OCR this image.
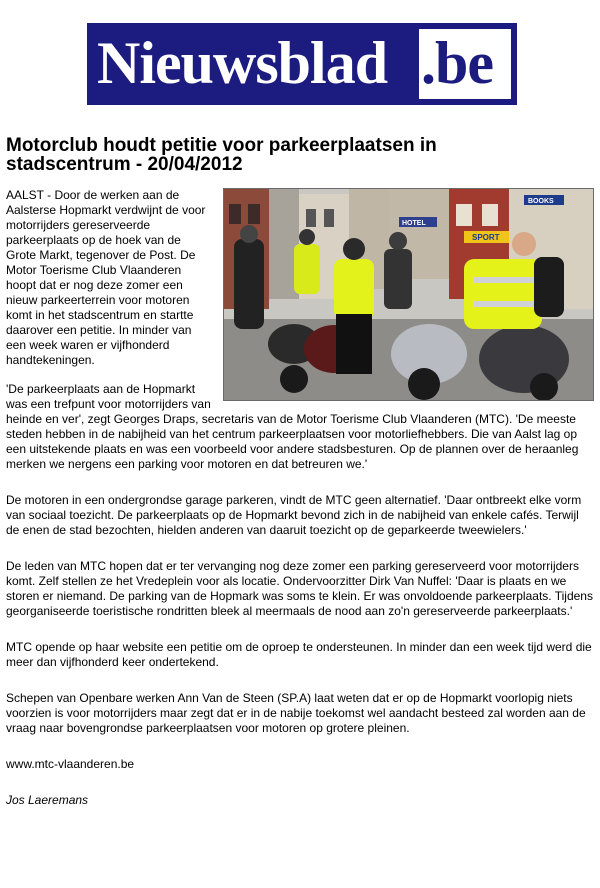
Nieuwsblad .be
Motorclub houdt petitie voor parkeerplaatsen in stadscentrum - 20/04/2012
SPORT
BOOKS
HOTEL

AALST - Door de werken aan de Aalsterse Hopmarkt verdwijnt de voor motorrijders gereserveerde parkeerplaats op de hoek van de Grote Markt, tegenover de Post. De Motor Toerisme Club Vlaanderen hoopt dat er nog deze zomer een nieuw parkeerterrein voor motoren komt in het stadscentrum en startte daarover een petitie. In minder van een week waren er vijfhonderd handtekeningen.

'De parkeerplaats aan de Hopmarkt was een trefpunt voor motorrijders van heinde en ver', zegt Georges Draps, secretaris van de Motor Toerisme Club Vlaanderen (MTC). 'De meeste steden hebben in de nabijheid van het centrum parkeerplaatsen voor motorliefhebbers. Die van Aalst lag op een uitstekende plaats en was een voorbeeld voor andere stadsbesturen. Op de plannen over de heraanleg merken we nergens een parking voor motoren en dat betreuren we.'

De motoren in een ondergrondse garage parkeren, vindt de MTC geen alternatief. 'Daar ontbreekt elke vorm van sociaal toezicht. De parkeerplaats op de Hopmarkt bevond zich in de nabijheid van enkele cafés. Terwijl de enen de stad bezochten, hielden anderen van daaruit toezicht op de geparkeerde tweewielers.'

De leden van MTC hopen dat er ter vervanging nog deze zomer een parking gereserveerd voor motorrijders komt. Zelf stellen ze het Vredeplein voor als locatie. Ondervoorzitter Dirk Van Nuffel: 'Daar is plaats en we storen er niemand. De parking van de Hopmark was soms te klein. Er was onvoldoende parkeerplaats. Tijdens georganiseerde toeristische rondritten bleek al meermaals de nood aan zo'n gereserveerde parkeerplaats.'

MTC opende op haar website een petitie om de oproep te ondersteunen. In minder dan een week tijd werd die meer dan vijfhonderd keer ondertekend.

Schepen van Openbare werken Ann Van de Steen (SP.A) laat weten dat er op de Hopmarkt voorlopig niets voorzien is voor motorrijders maar zegt dat er in de nabije toekomst wel aandacht besteed zal worden aan de vraag naar bovengrondse parkeerplaatsen voor motoren op grotere pleinen.

www.mtc-vlaanderen.be

Jos Laeremans
